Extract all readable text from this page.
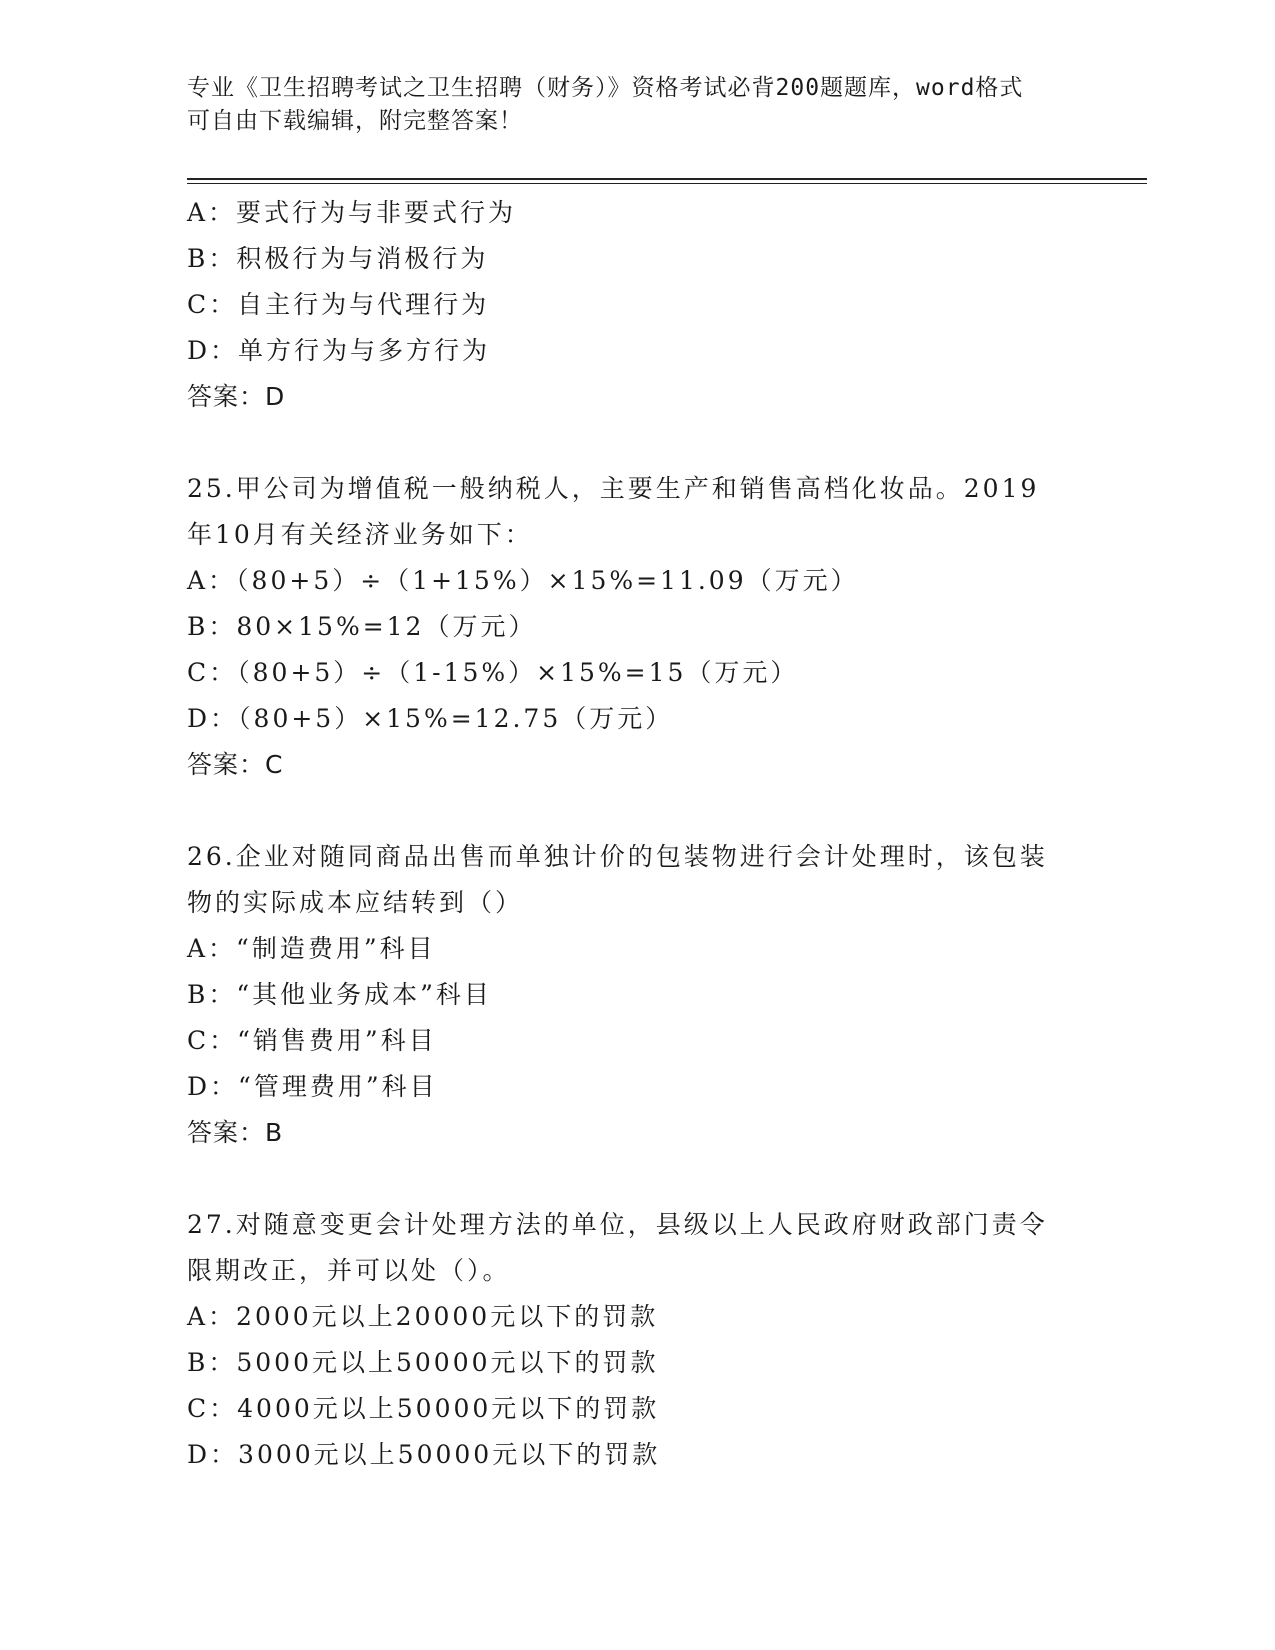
专业《卫生招聘考试之卫生招聘（财务）》资格考试必背200题题库，word格式
可自由下载编辑，附完整答案！
A：要式行为与非要式行为
B：积极行为与消极行为
C：自主行为与代理行为
D：单方行为与多方行为
答案：D
25.甲公司为增值税一般纳税人，主要生产和销售高档化妆品。2019
年10月有关经济业务如下：
A：（80+5）÷（1+15%）×15%=11.09（万元）
B：80×15%=12（万元）
C：（80+5）÷（1-15%）×15%=15（万元）
D：（80+5）×15%=12.75（万元）
答案：C
26.企业对随同商品出售而单独计价的包装物进行会计处理时，该包装
物的实际成本应结转到（）
A：“制造费用”科目
B：“其他业务成本”科目
C：“销售费用”科目
D：“管理费用”科目
答案：B
27.对随意变更会计处理方法的单位，县级以上人民政府财政部门责令
限期改正，并可以处（）。
A：2000元以上20000元以下的罚款
B：5000元以上50000元以下的罚款
C：4000元以上50000元以下的罚款
D：3000元以上50000元以下的罚款
